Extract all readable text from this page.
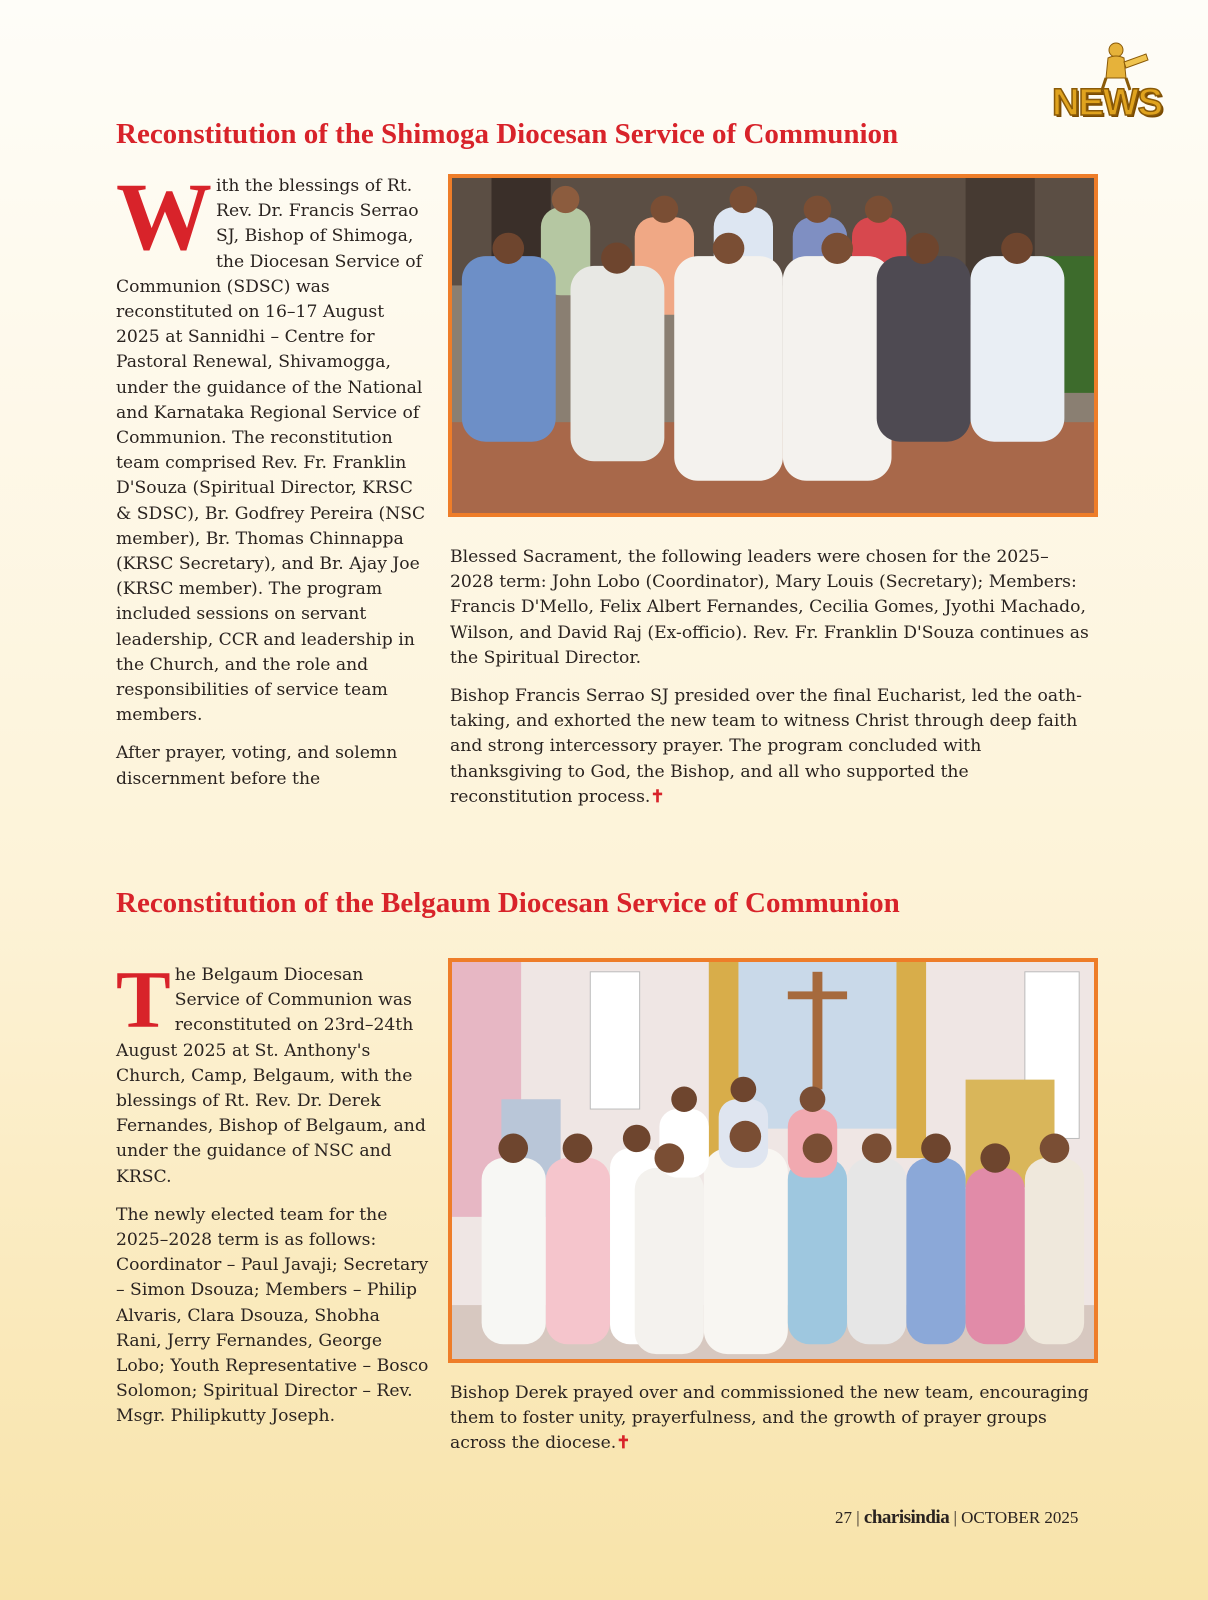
NEWS
Reconstitution of the Shimoga Diocesan Service of Communion

With the blessings of Rt. Rev. Dr. Francis Serrao SJ, Bishop of Shimoga, the Diocesan Service of Communion (SDSC) was reconstituted on 16–17 August 2025 at Sannidhi – Centre for Pastoral Renewal, Shivamogga, under the guidance of the National and Karnataka Regional Service of Communion. The reconstitution team comprised Rev. Fr. Franklin D'Souza (Spiritual Director, KRSC & SDSC), Br. Godfrey Pereira (NSC member), Br. Thomas Chinnappa (KRSC Secretary), and Br. Ajay Joe (KRSC member). The program included sessions on servant leadership, CCR and leadership in the Church, and the role and responsibilities of service team members.

After prayer, voting, and solemn discernment before the

Blessed Sacrament, the following leaders were chosen for the 2025–2028 term: John Lobo (Coordinator), Mary Louis (Secretary); Members: Francis D'Mello, Felix Albert Fernandes, Cecilia Gomes, Jyothi Machado, Wilson, and David Raj (Ex-officio). Rev. Fr. Franklin D'Souza continues as the Spiritual Director.

Bishop Francis Serrao SJ presided over the final Eucharist, led the oath-taking, and exhorted the new team to witness Christ through deep faith and strong intercessory prayer. The program concluded with thanksgiving to God, the Bishop, and all who supported the reconstitution process.✝

Reconstitution of the Belgaum Diocesan Service of Communion

The Belgaum Diocesan Service of Communion was reconstituted on 23rd–24th August 2025 at St. Anthony's Church, Camp, Belgaum, with the blessings of Rt. Rev. Dr. Derek Fernandes, Bishop of Belgaum, and under the guidance of NSC and KRSC.

The newly elected team for the 2025–2028 term is as follows: Coordinator – Paul Javaji; Secretary – Simon Dsouza; Members – Philip Alvaris, Clara Dsouza, Shobha Rani, Jerry Fernandes, George Lobo; Youth Representative – Bosco Solomon; Spiritual Director – Rev. Msgr. Philipkutty Joseph.

Bishop Derek prayed over and commissioned the new team, encouraging them to foster unity, prayerfulness, and the growth of prayer groups across the diocese.✝

27 | charisindia | OCTOBER 2025
